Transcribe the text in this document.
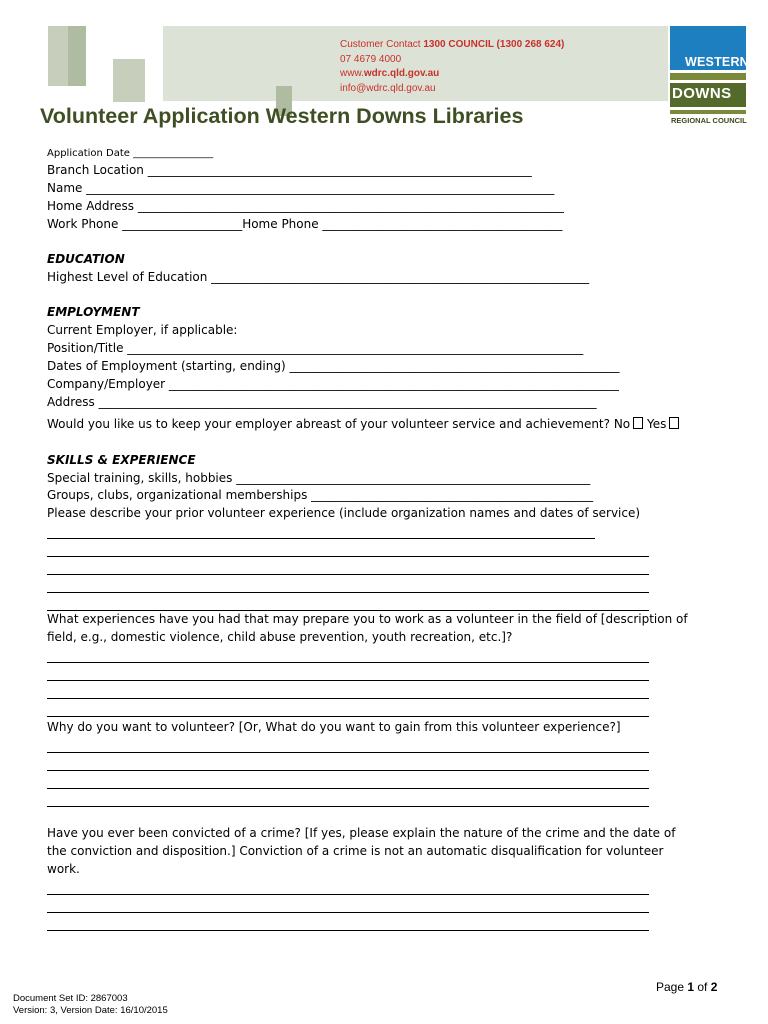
Customer Contact 1300 COUNCIL (1300 268 624)
07 4679 4000
www.wdrc.qld.gov.au
info@wdrc.qld.gov.au
WESTERN
DOWNS
REGIONAL COUNCIL
Volunteer Application Western Downs Libraries
Application Date ________________
Branch Location ________________________________________________________________
Name ______________________________________________________________________________
Home Address _______________________________________________________________________
Work Phone ____________________Home Phone ________________________________________
EDUCATION
Highest Level of Education _______________________________________________________________
EMPLOYMENT
Current Employer, if applicable:
Position/Title ____________________________________________________________________________
Dates of Employment (starting, ending) _______________________________________________________
Company/Employer ___________________________________________________________________________
Address ___________________________________________________________________________________
Would you like us to keep your employer abreast of your volunteer service and achievement? No Yes
SKILLS & EXPERIENCE
Special training, skills, hobbies ___________________________________________________________
Groups, clubs, organizational memberships _______________________________________________
Please describe your prior volunteer experience (include organization names and dates of service)
What experiences have you had that may prepare you to work as a volunteer in the field of [description of
field, e.g., domestic violence, child abuse prevention, youth recreation, etc.]?
Why do you want to volunteer? [Or, What do you want to gain from this volunteer experience?]
Have you ever been convicted of a crime? [If yes, please explain the nature of the crime and the date of
the conviction and disposition.] Conviction of a crime is not an automatic disqualification for volunteer
work.
Page 1 of 2
Document Set ID: 2867003
Version: 3, Version Date: 16/10/2015
